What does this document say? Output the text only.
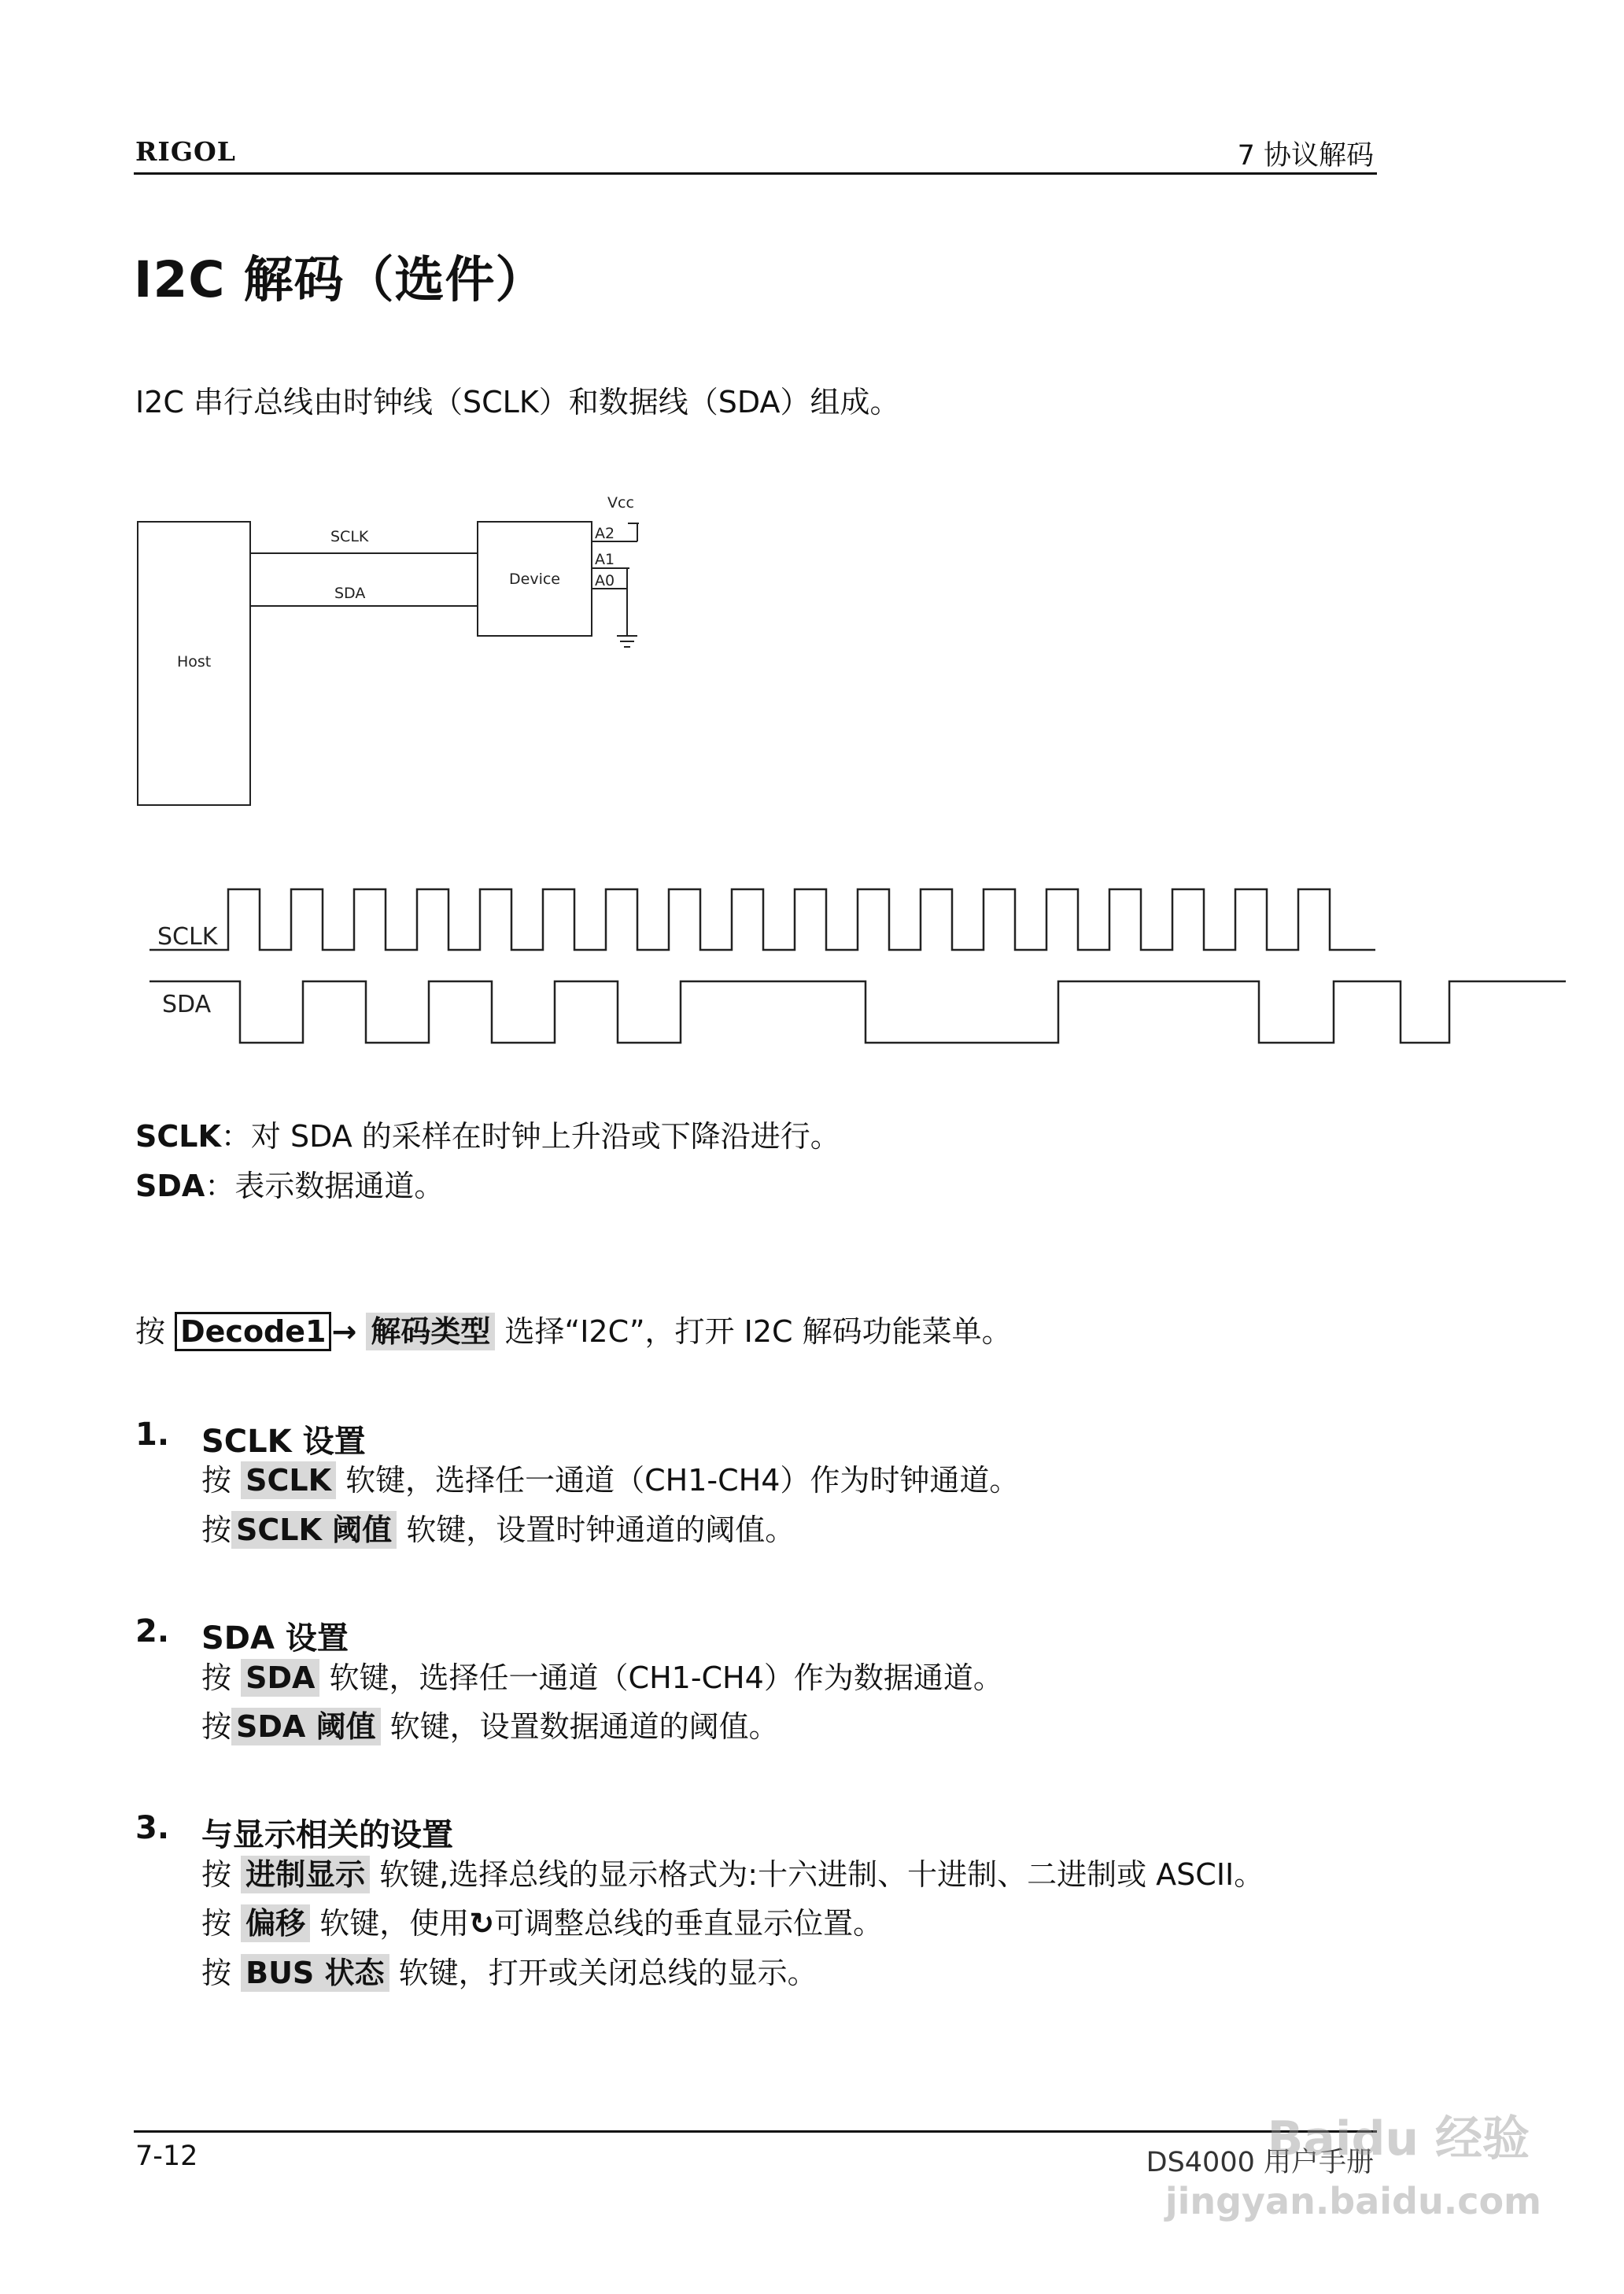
RIGOL	7 协议解码
I2C 解码（选件）
I2C 串行总线由时钟线（SCLK）和数据线（SDA）组成。
Host
Device
Vcc
SCLK
SDA
A2
A1
A0
SCLK
SDA
SCLK：对 SDA 的采样在时钟上升沿或下降沿进行。
SDA：表示数据通道。
按 Decode1 → 解码类型 选择“I2C”，打开 I2C 解码功能菜单。
1. SCLK 设置
按 SCLK 软键，选择任一通道（CH1-CH4）作为时钟通道。
按 SCLK 阈值 软键，设置时钟通道的阈值。
2. SDA 设置
按 SDA 软键，选择任一通道（CH1-CH4）作为数据通道。
按 SDA 阈值 软键，设置数据通道的阈值。
3. 与显示相关的设置
按 进制显示 软键,选择总线的显示格式为:十六进制、十进制、二进制或 ASCII。
按 偏移 软键，使用↻可调整总线的垂直显示位置。
按 BUS 状态 软键，打开或关闭总线的显示。
7-12	DS4000 用户手册
Baidu 经验
jingyan.baidu.com
